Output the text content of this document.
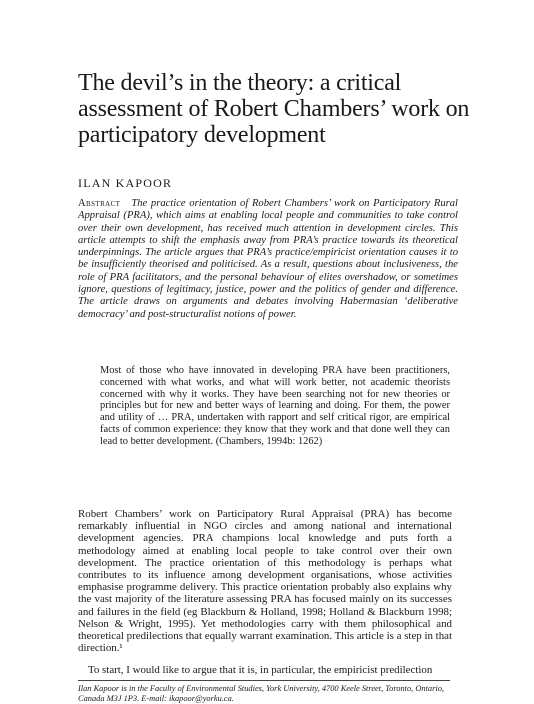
The devil’s in the theory: a critical assessment of Robert Chambers’ work on participatory development

ILAN KAPOOR

Abstract The practice orientation of Robert Chambers’ work on Participatory Rural Appraisal (PRA), which aims at enabling local people and communities to take control over their own development, has received much attention in development circles. This article attempts to shift the emphasis away from PRA’s practice towards its theoretical underpinnings. The article argues that PRA’s practice/empiricist orientation causes it to be insufficiently theorised and politicised. As a result, questions about inclusiveness, the role of PRA facilitators, and the personal behaviour of elites overshadow, or sometimes ignore, questions of legitimacy, justice, power and the politics of gender and difference. The article draws on arguments and debates involving Habermasian ‘deliberative democracy’ and post-structuralist notions of power.

Most of those who have innovated in developing PRA have been practitioners, concerned with what works, and what will work better, not academic theorists concerned with why it works. They have been searching not for new theories or principles but for new and better ways of learning and doing. For them, the power and utility of … PRA, undertaken with rapport and self critical rigor, are empirical facts of common experience: they know that they work and that done well they can lead to better development. (Chambers, 1994b: 1262)

Robert Chambers’ work on Participatory Rural Appraisal (PRA) has become remarkably influential in NGO circles and among national and international development agencies. PRA champions local knowledge and puts forth a methodology aimed at enabling local people to take control over their own development. The practice orientation of this methodology is perhaps what contributes to its influence among development organisations, whose activities emphasise programme delivery. This practice orientation probably also explains why the vast majority of the literature assessing PRA has focused mainly on its successes and failures in the field (eg Blackburn & Holland, 1998; Holland & Blackburn 1998; Nelson & Wright, 1995). Yet methodologies carry with them philosophical and theoretical predilections that equally warrant examination. This article is a step in that direction.¹

To start, I would like to argue that it is, in particular, the empiricist predilection

Ilan Kapoor is in the Faculty of Environmental Studies, York University, 4700 Keele Street, Toronto, Ontario, Canada M3J 1P3. E-mail: ikapoor@yorku.ca.
